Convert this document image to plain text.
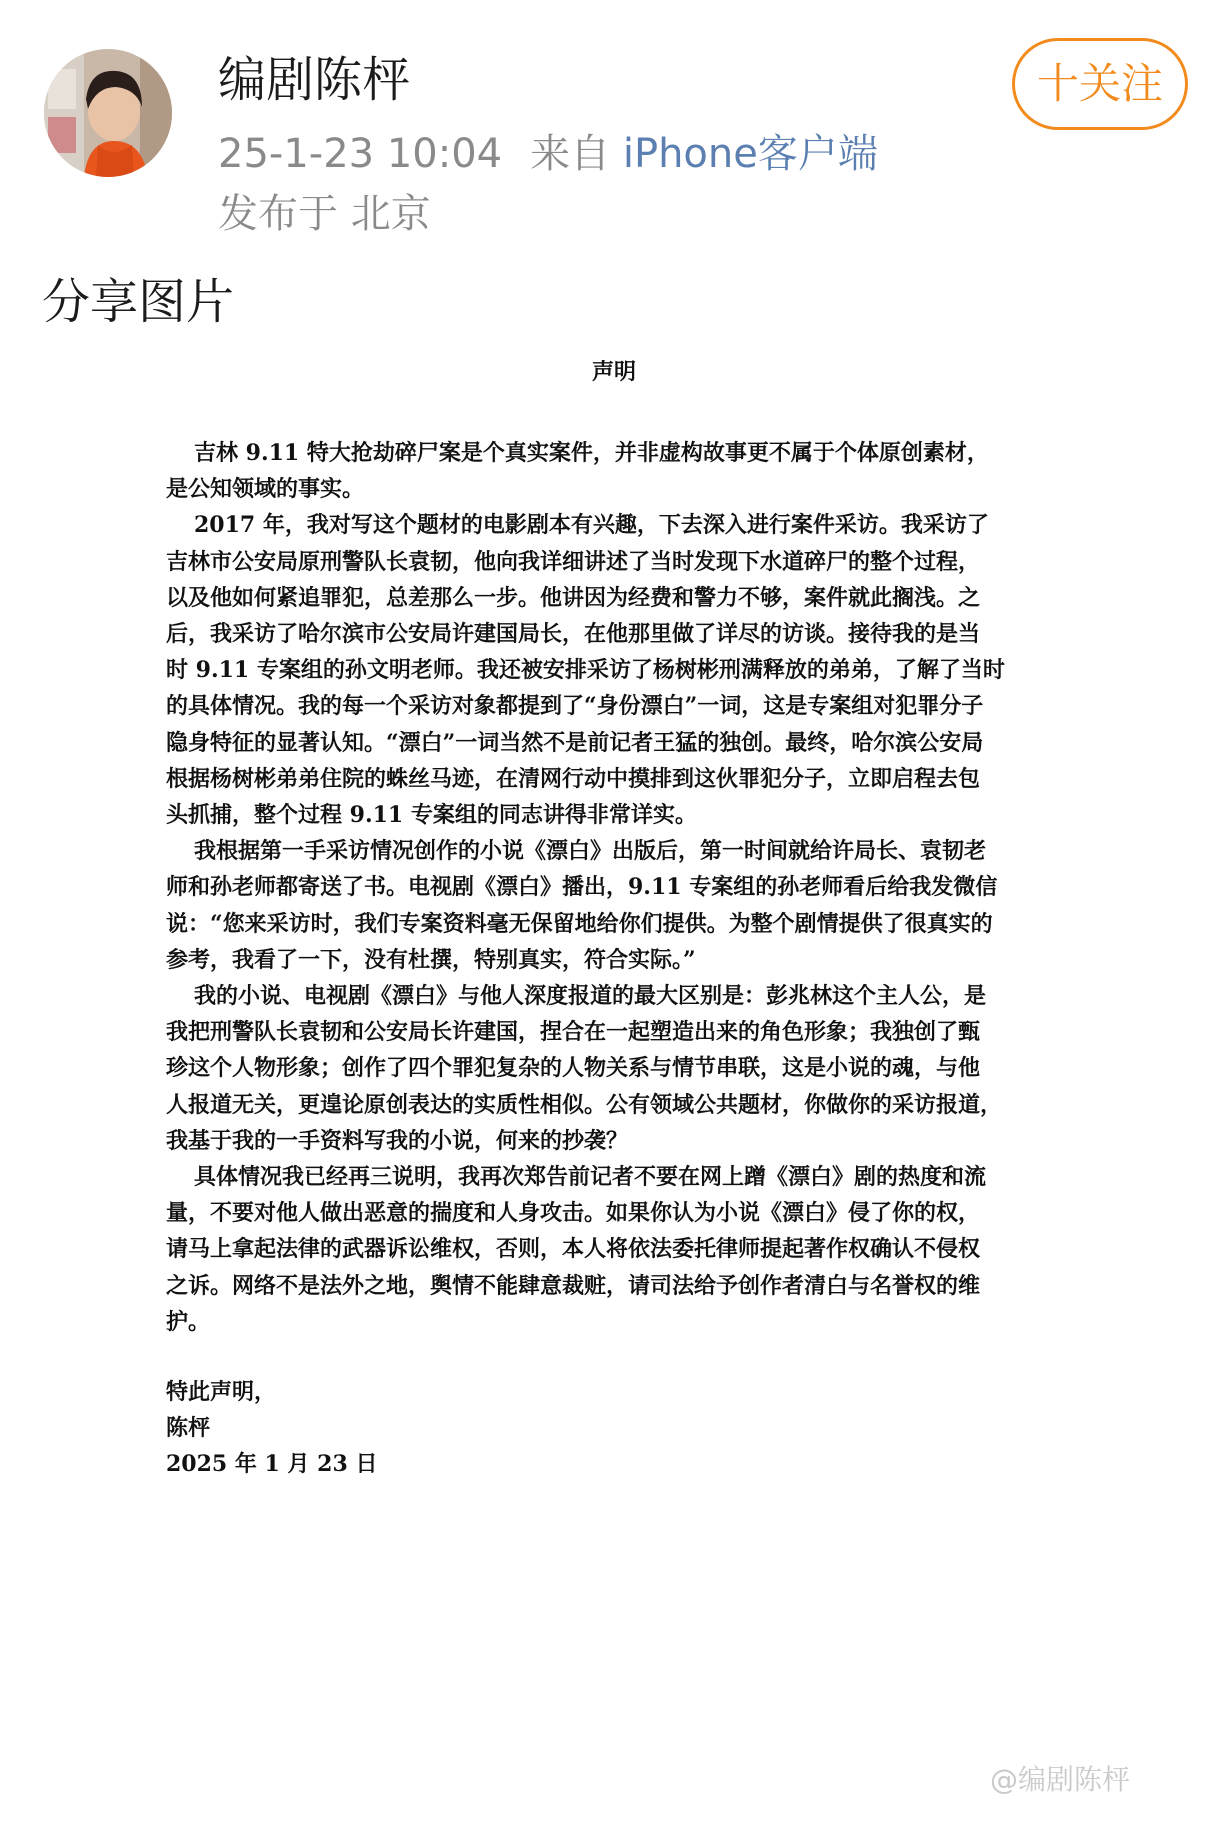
编剧陈枰
25-1-23 10:04 来自 iPhone客户端
发布于 北京
十关注
分享图片
声明
吉林 9.11 特大抢劫碎尸案是个真实案件，并非虚构故事更不属于个体原创素材，
是公知领域的事实。
2017 年，我对写这个题材的电影剧本有兴趣，下去深入进行案件采访。我采访了
吉林市公安局原刑警队长袁韧，他向我详细讲述了当时发现下水道碎尸的整个过程，
以及他如何紧追罪犯，总差那么一步。他讲因为经费和警力不够，案件就此搁浅。之
后，我采访了哈尔滨市公安局许建国局长，在他那里做了详尽的访谈。接待我的是当
时 9.11 专案组的孙文明老师。我还被安排采访了杨树彬刑满释放的弟弟，了解了当时
的具体情况。我的每一个采访对象都提到了“身份漂白”一词，这是专案组对犯罪分子
隐身特征的显著认知。“漂白”一词当然不是前记者王猛的独创。最终，哈尔滨公安局
根据杨树彬弟弟住院的蛛丝马迹，在清网行动中摸排到这伙罪犯分子，立即启程去包
头抓捕，整个过程 9.11 专案组的同志讲得非常详实。
我根据第一手采访情况创作的小说《漂白》出版后，第一时间就给许局长、袁韧老
师和孙老师都寄送了书。电视剧《漂白》播出，9.11 专案组的孙老师看后给我发微信
说：“您来采访时，我们专案资料毫无保留地给你们提供。为整个剧情提供了很真实的
参考，我看了一下，没有杜撰，特别真实，符合实际。”
我的小说、电视剧《漂白》与他人深度报道的最大区别是：彭兆林这个主人公，是
我把刑警队长袁韧和公安局长许建国，捏合在一起塑造出来的角色形象；我独创了甄
珍这个人物形象；创作了四个罪犯复杂的人物关系与情节串联，这是小说的魂，与他
人报道无关，更遑论原创表达的实质性相似。公有领域公共题材，你做你的采访报道，
我基于我的一手资料写我的小说，何来的抄袭？
具体情况我已经再三说明，我再次郑告前记者不要在网上蹭《漂白》剧的热度和流
量，不要对他人做出恶意的揣度和人身攻击。如果你认为小说《漂白》侵了你的权，
请马上拿起法律的武器诉讼维权，否则，本人将依法委托律师提起著作权确认不侵权
之诉。网络不是法外之地，舆情不能肆意裁赃，请司法给予创作者清白与名誉权的维
护。
特此声明，
陈枰
2025 年 1 月 23 日
@编剧陈枰
